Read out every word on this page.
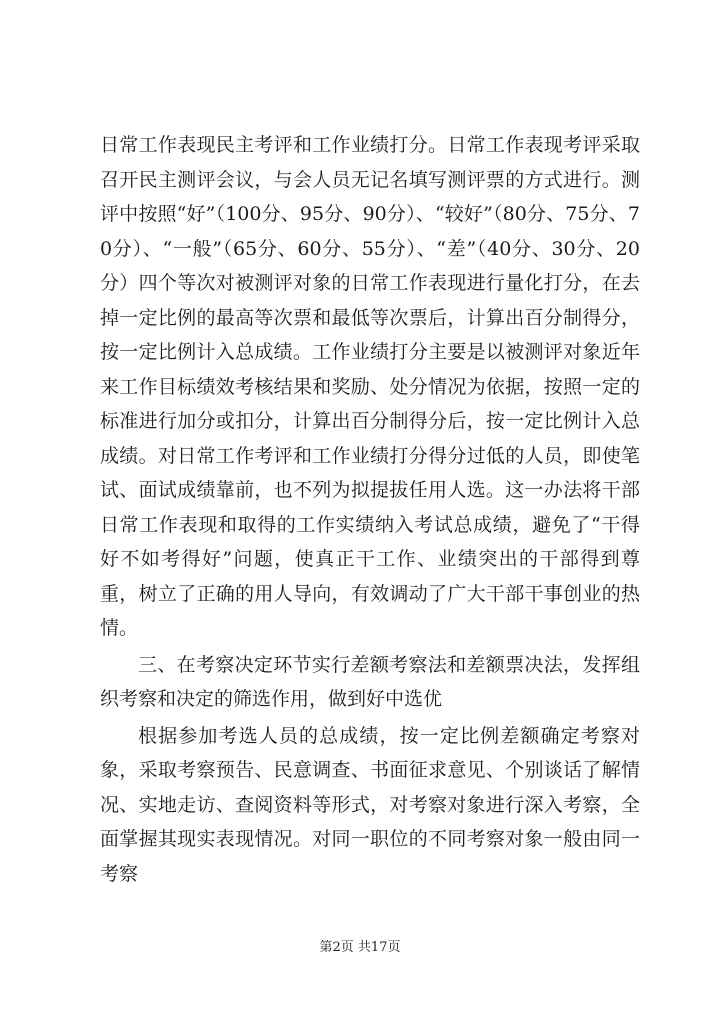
日常工作表现民主考评和工作业绩打分。日常工作表现考评采取召开民主测评会议，与会人员无记名填写测评票的方式进行。测评中按照“好”（100分、95分、90分）、“较好”（80分、75分、70分）、“一般”（65分、60分、55分）、“差”（40分、30分、20分）四个等次对被测评对象的日常工作表现进行量化打分，在去掉一定比例的最高等次票和最低等次票后，计算出百分制得分，按一定比例计入总成绩。工作业绩打分主要是以被测评对象近年来工作目标绩效考核结果和奖励、处分情况为依据，按照一定的标准进行加分或扣分，计算出百分制得分后，按一定比例计入总成绩。对日常工作考评和工作业绩打分得分过低的人员，即使笔试、面试成绩靠前，也不列为拟提拔任用人选。这一办法将干部日常工作表现和取得的工作实绩纳入考试总成绩，避免了“干得好不如考得好”问题，使真正干工作、业绩突出的干部得到尊重，树立了正确的用人导向，有效调动了广大干部干事创业的热情。

三、在考察决定环节实行差额考察法和差额票决法，发挥组织考察和决定的筛选作用，做到好中选优

根据参加考选人员的总成绩，按一定比例差额确定考察对象，采取考察预告、民意调查、书面征求意见、个别谈话了解情况、实地走访、查阅资料等形式，对考察对象进行深入考察，全面掌握其现实表现情况。对同一职位的不同考察对象一般由同一考察

第2页 共17页
